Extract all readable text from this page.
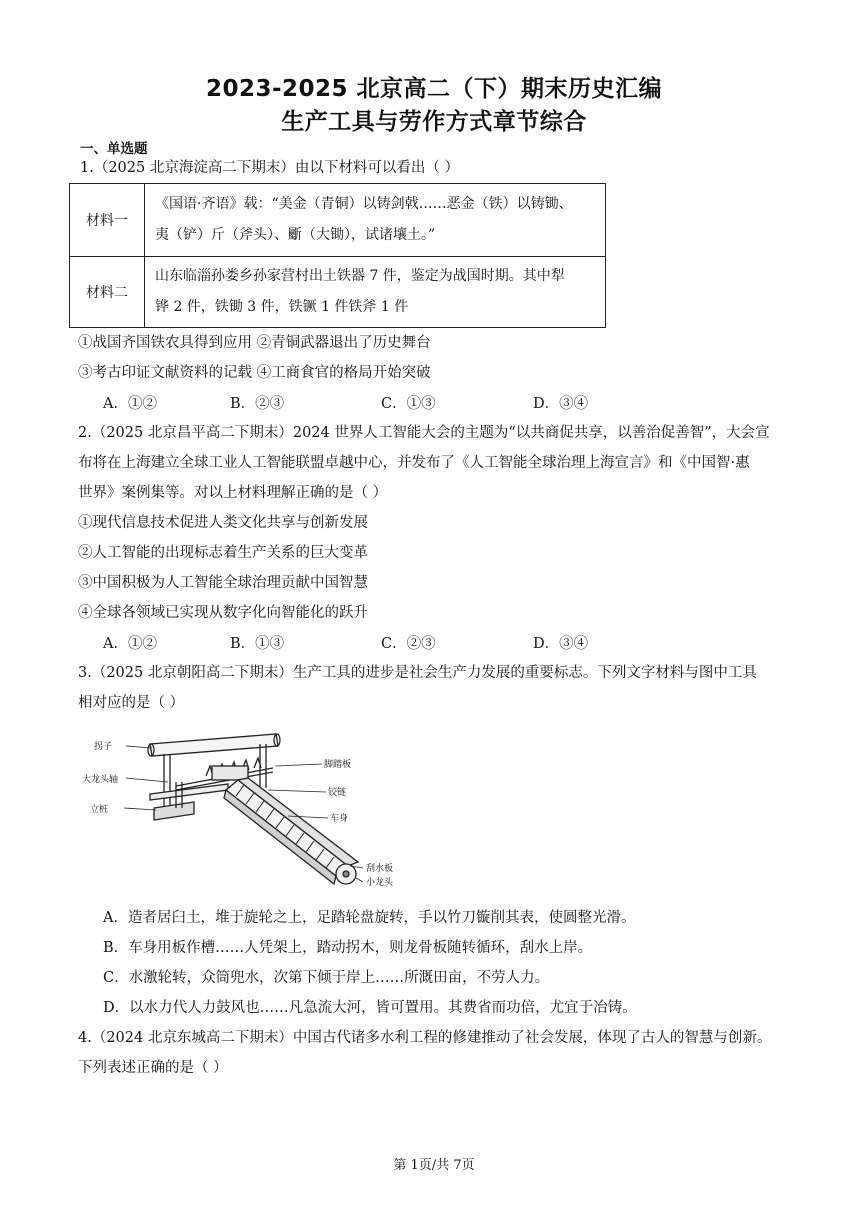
2023-2025 北京高二（下）期末历史汇编
生产工具与劳作方式章节综合
一、单选题
1.（2025 北京海淀高二下期末）由以下材料可以看出（ ）
材料一	《国语·齐语》载：“美金（青铜）以铸剑戟……恶金（铁）以铸锄、
夷（铲）斤（斧头）、斸（大锄），试诸壤土。”

材料二	山东临淄孙娄乡孙家营村出土铁器 7 件，鉴定为战国时期。其中犁
铧 2 件，铁锄 3 件，铁镢 1 件铁斧 1 件
①战国齐国铁农具得到应用 ②青铜武器退出了历史舞台
③考古印证文献资料的记载 ④工商食官的格局开始突破
A．①②	B．②③	C．①③	D．③④
2.（2025 北京昌平高二下期末）2024 世界人工智能大会的主题为“以共商促共享，以善治促善智”，大会宣
布将在上海建立全球工业人工智能联盟卓越中心，并发布了《人工智能全球治理上海宣言》和《中国智·惠
世界》案例集等。对以上材料理解正确的是（ ）
①现代信息技术促进人类文化共享与创新发展
②人工智能的出现标志着生产关系的巨大变革
③中国积极为人工智能全球治理贡献中国智慧
④全球各领域已实现从数字化向智能化的跃升
A．①②	B．①③	C．②③	D．③④
3.（2025 北京朝阳高二下期末）生产工具的进步是社会生产力发展的重要标志。下列文字材料与图中工具
相对应的是（ ）
拐子
大龙头轴
立桩
脚踏板
铰链
车身
刮水板
小龙头
A．造者居臼土，堆于旋轮之上，足踏轮盘旋转，手以竹刀镟削其表，使圆整光滑。
B．车身用板作槽……人凭架上，踏动拐木，则龙骨板随转循环，刮水上岸。
C．水激轮转，众筒兜水，次第下倾于岸上……所溉田亩，不劳人力。
D．以水力代人力鼓风也……凡急流大河，皆可置用。其费省而功倍，尤宜于冶铸。
4.（2024 北京东城高二下期末）中国古代诸多水利工程的修建推动了社会发展，体现了古人的智慧与创新。
下列表述正确的是（ ）
第 1页/共 7页
